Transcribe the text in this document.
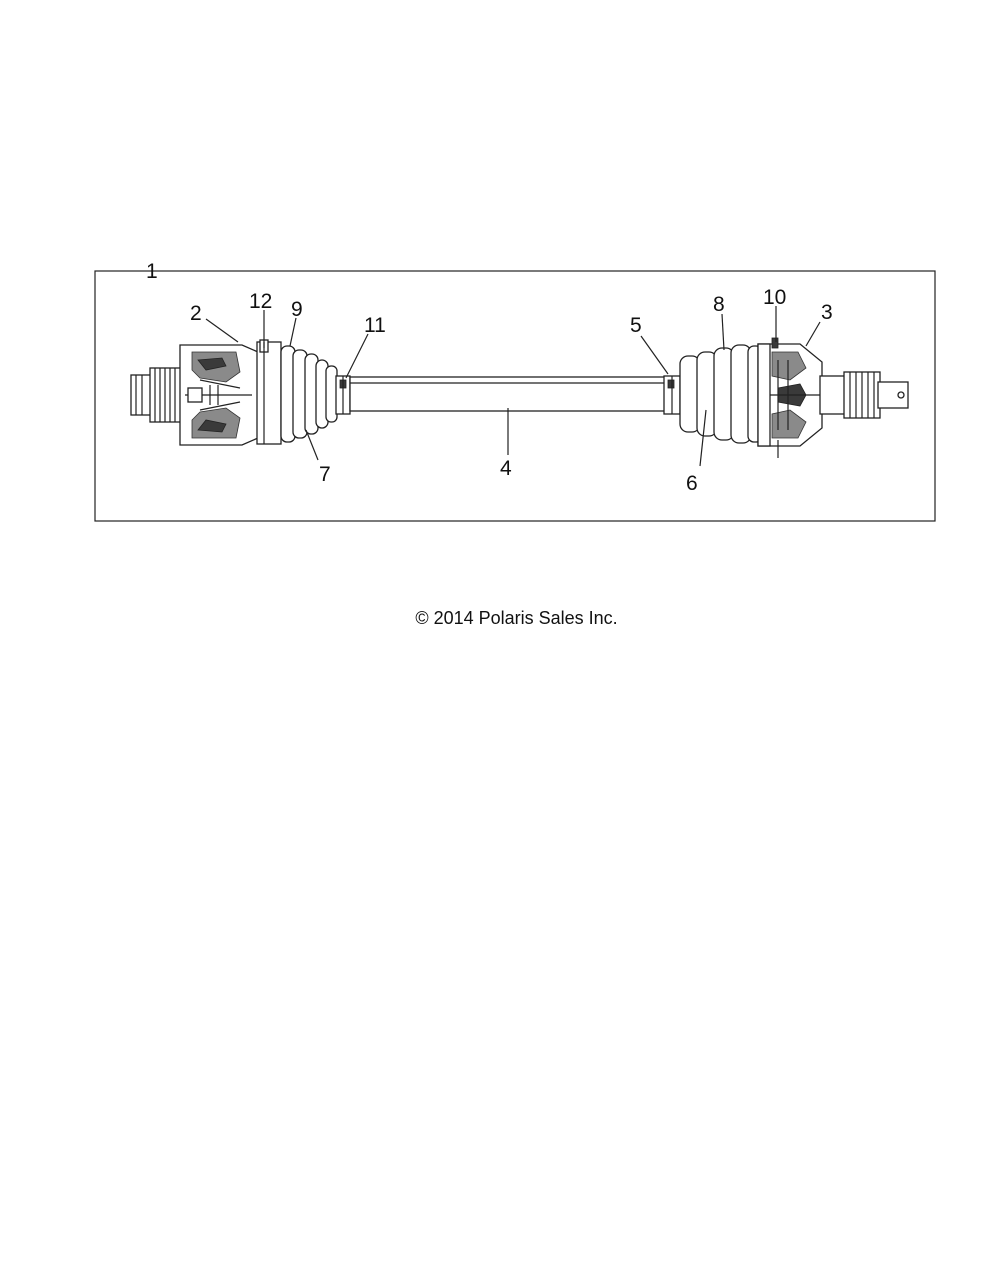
1
2
12 9
11	5
8 10
3
4
7	6
© 2014 Polaris Sales Inc.
